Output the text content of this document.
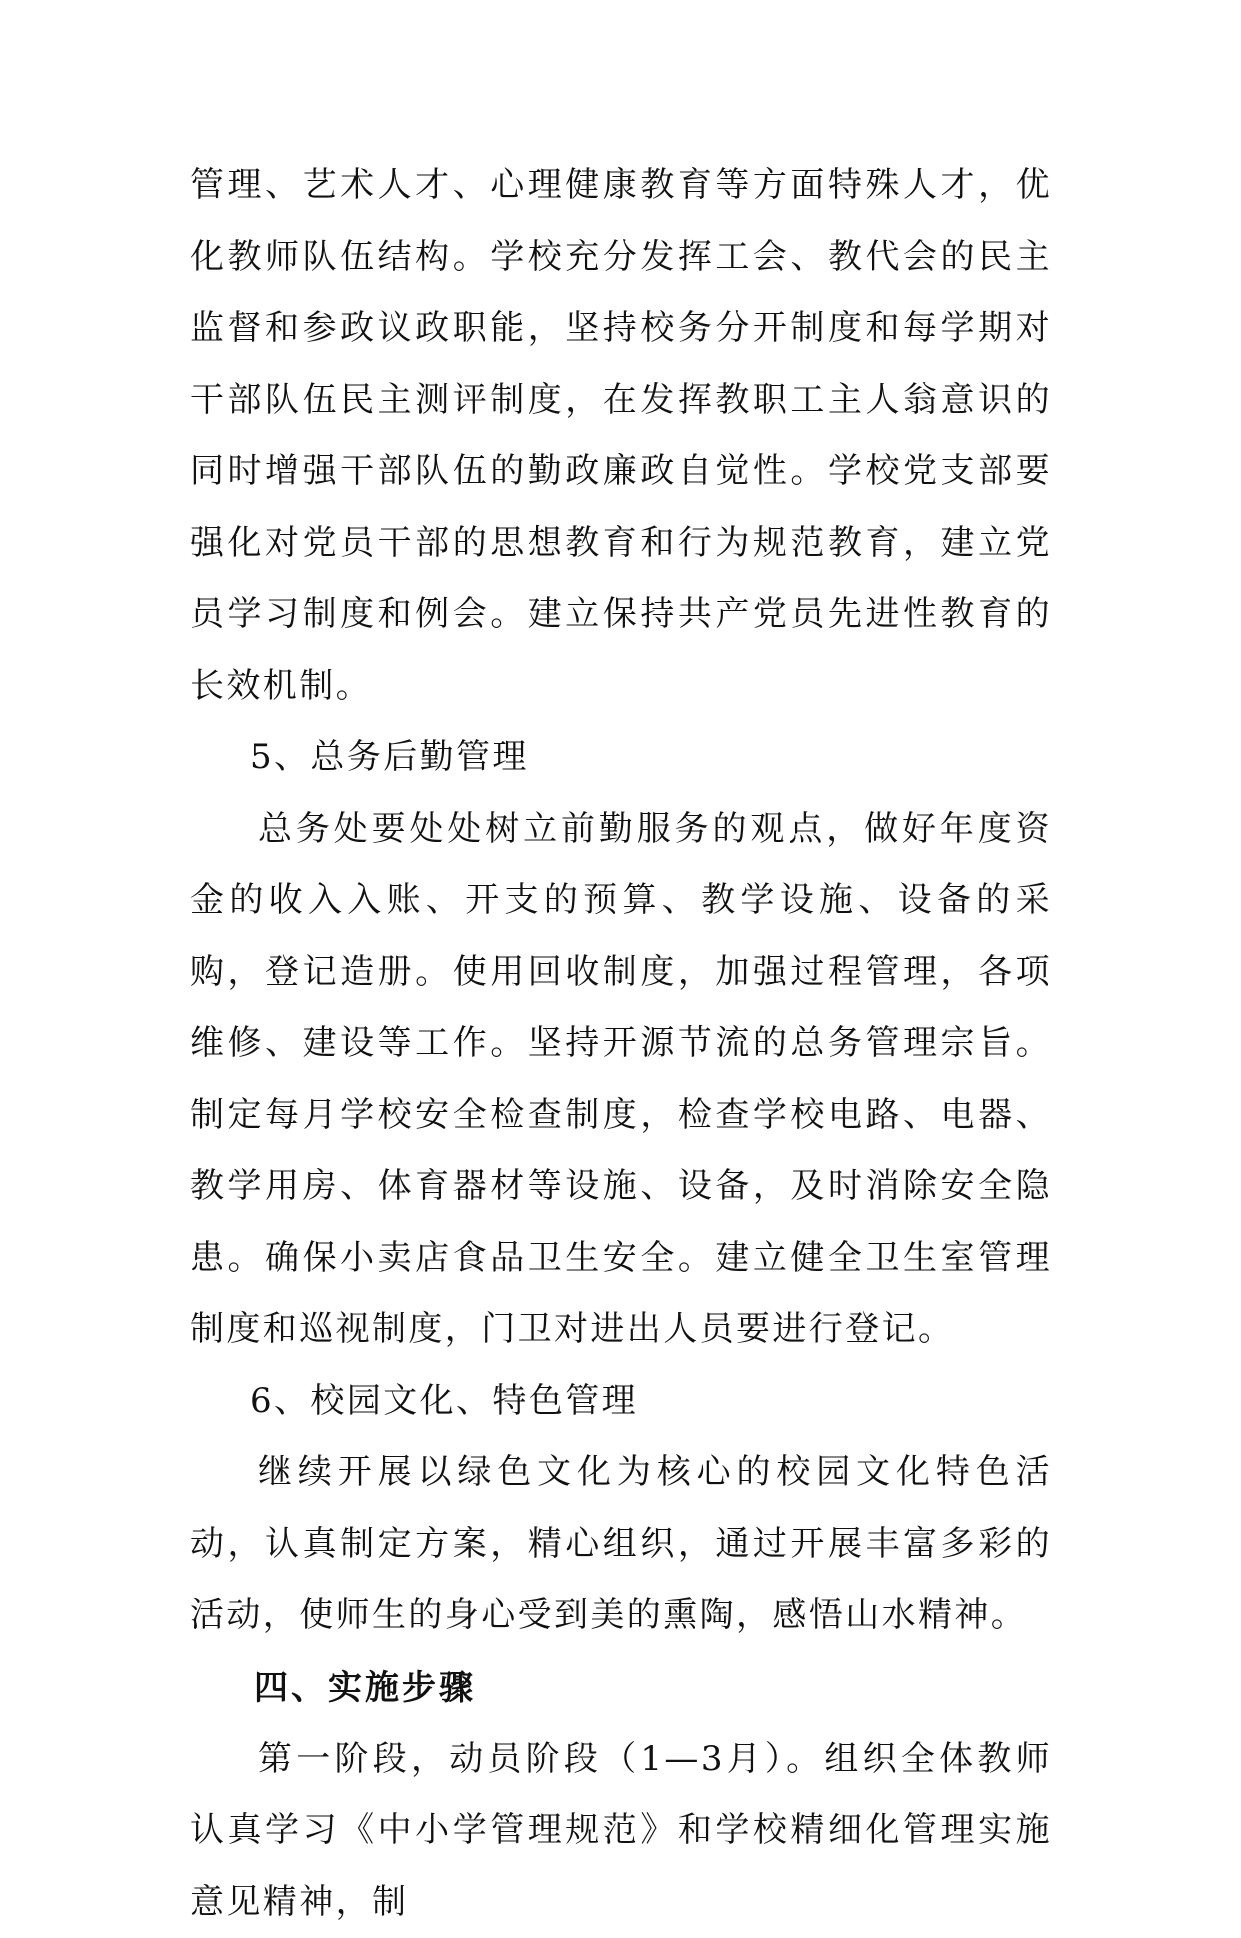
管理、艺术人才、心理健康教育等方面特殊人才，优化教师队伍结构。学校充分发挥工会、教代会的民主监督和参政议政职能，坚持校务分开制度和每学期对干部队伍民主测评制度，在发挥教职工主人翁意识的同时增强干部队伍的勤政廉政自觉性。学校党支部要强化对党员干部的思想教育和行为规范教育，建立党员学习制度和例会。建立保持共产党员先进性教育的长效机制。

5、总务后勤管理

总务处要处处树立前勤服务的观点，做好年度资金的收入入账、开支的预算、教学设施、设备的采购，登记造册。使用回收制度，加强过程管理，各项维修、建设等工作。坚持开源节流的总务管理宗旨。制定每月学校安全检查制度，检查学校电路、电器、教学用房、体育器材等设施、设备，及时消除安全隐患。确保小卖店食品卫生安全。建立健全卫生室管理制度和巡视制度，门卫对进出人员要进行登记。

6、校园文化、特色管理

继续开展以绿色文化为核心的校园文化特色活动，认真制定方案，精心组织，通过开展丰富多彩的活动，使师生的身心受到美的熏陶，感悟山水精神。

四、实施步骤

第一阶段，动员阶段（1—3月）。组织全体教师认真学习《中小学管理规范》和学校精细化管理实施意见精神，制
